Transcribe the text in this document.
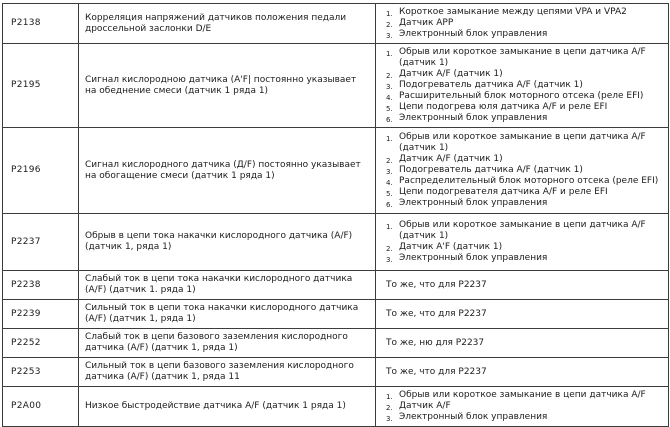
P2138	Корреляция напряжений датчиков положения педали дроссельной заслонки D/E	
Короткое замыкание между цепями VPA и VPA2
Датчик APP
Электронный блок управления

P2195	Сигнал кислородною датчика (A'F| постоянно указывает на обеднение смеси (датчик 1 ряда 1)	
Обрыв или короткое замыкание в цепи датчика A/F (датчик 1)
Датчик A/F (датчик 1)
Подогреватель датчика A/F (датчик 1)
Расширительный блок моторного отсека (реле EFI)
Цепи подогрева юля датчика A/F и реле EFI
Электронный блок управления

P2196	Сигнал кислородного датчика (Д/F) постоянно указывает на обогащение смеси (датчик 1 ряда 1)	
Обрыв или короткое замыкание в цепи датчика A/F (датчик 1)
Датчик A/F (датчик 1)
Подогреватель датчика A/F (датчик 1)
Распределительный блок моторного отсека (реле EFI)
Цепи подогревателя датчика A/F и реле EFI
Электронный блок управления

P2237	Обрыв в цепи тока накачки кислородного датчика (A/F) (датчик 1, ряда 1)	
Обрыв или короткое замыкание в цепи датчика A/F (датчик 1)
Датчик A'F (датчик 1)
Электронный блок управления

P2238	Слабый ток в цепи тока накачки кислородного датчика (A/F) (датчик 1. ряда 1)	То же, что для P2237

P2239	Сильный ток в цепи тока накачки кислородного датчика (A/F) (датчик 1, ряда 1)	То же, что для P2237

P2252	Слабый ток в цепи базового заземления кислородного датчика (A/F) (датчик 1, ряда 1)	То же, ню для P2237

P2253	Сильный ток в цепи базового заземления кислородного датчика (A/F) (датчик 1, ряда 11	То же, что для P2237

P2A00	Низкое быстродействие датчика A/F (датчик 1 ряда 1)	
Обрыв или короткое замыкание в цепи датчика A/F
Датчик A/F
Электронный блок управления
